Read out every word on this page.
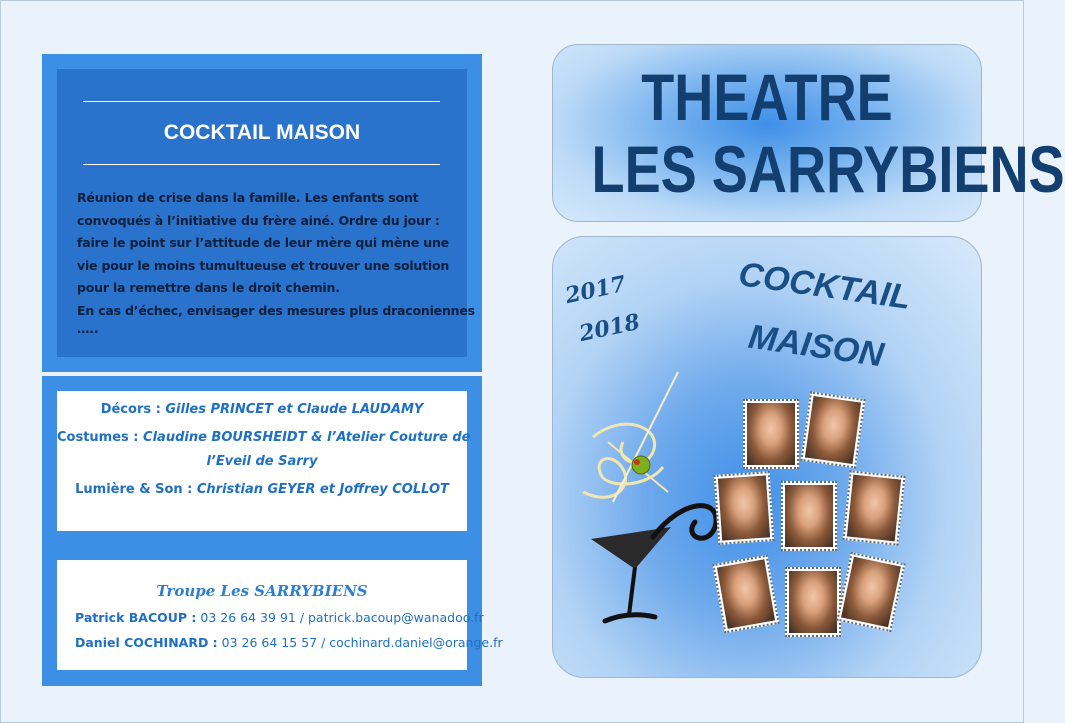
COCKTAIL MAISON
Réunion de crise dans la famille. Les enfants sont
convoqués à l’initiative du frère ainé. Ordre du jour :
faire le point sur l’attitude de leur mère qui mène une
vie pour le moins tumultueuse et trouver une solution
pour la remettre dans le droit chemin.
En cas d’échec, envisager des mesures plus draconiennes
…..
Décors : Gilles PRINCET et Claude LAUDAMY
Costumes : Claudine BOURSHEIDT & l’Atelier Couture de
l’Eveil de Sarry
Lumière & Son : Christian GEYER et Joffrey COLLOT
Troupe Les SARRYBIENS
Patrick BACOUP : 03 26 64 39 91 / patrick.bacoup@wanadoo.fr
Daniel COCHINARD : 03 26 64 15 57 / cochinard.daniel@orange.fr
THEATRE
LES SARRYBIENS
2017
2018
COCKTAIL
MAISON
